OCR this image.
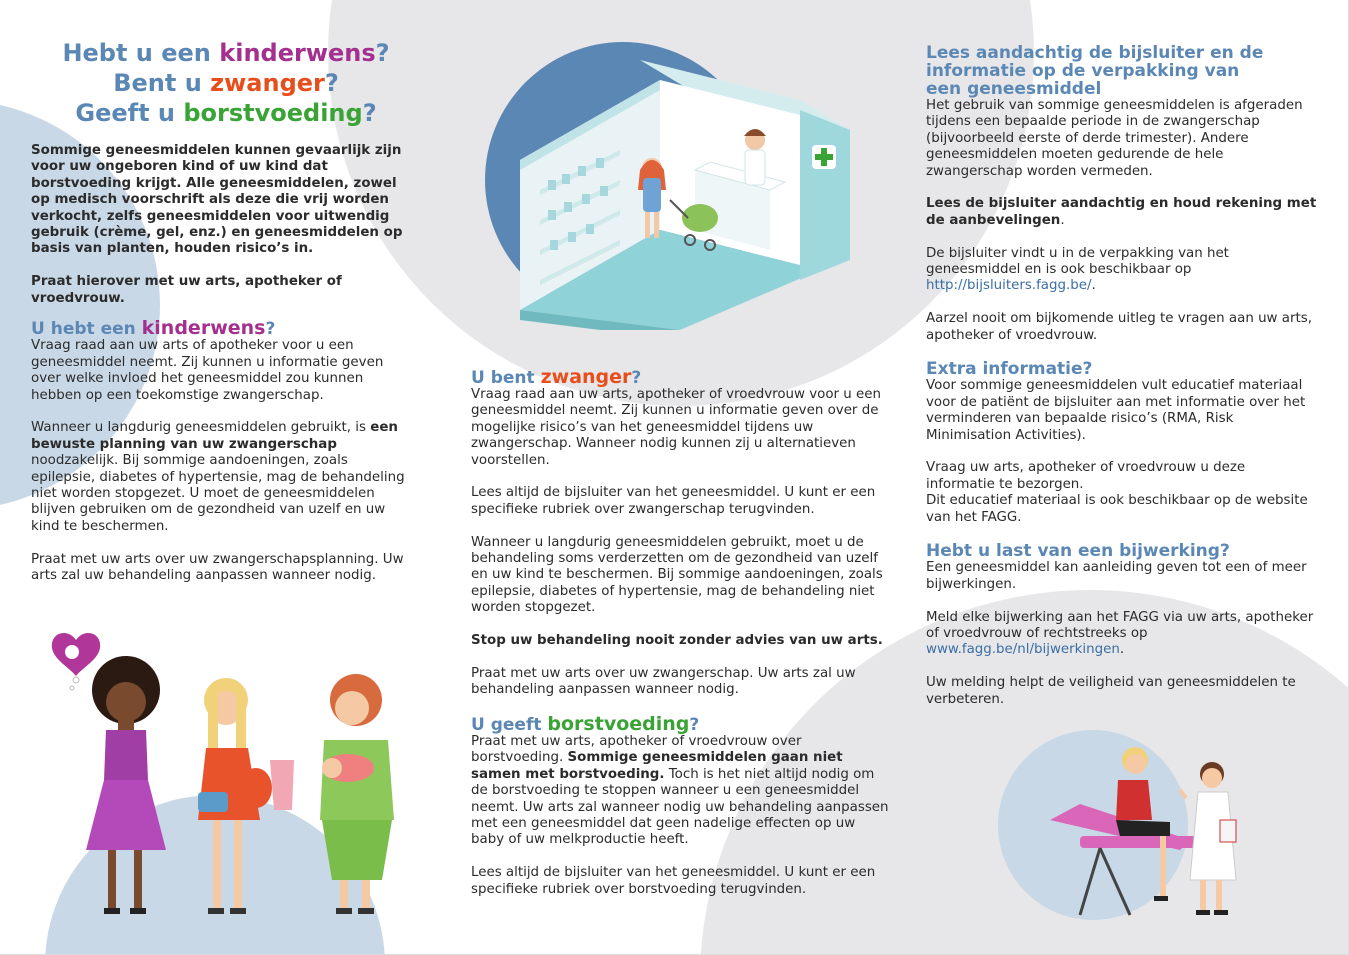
Hebt u een kinderwens?
Bent u zwanger?
Geeft u borstvoeding?

Sommige geneesmiddelen kunnen gevaarlijk zijn voor uw ongeboren kind of uw kind dat borstvoeding krijgt. Alle geneesmiddelen, zowel op medisch voorschrift als deze die vrij worden verkocht, zelfs geneesmiddelen voor uitwendig gebruik (crème, gel, enz.) en geneesmiddelen op basis van planten, houden risico’s in.

Praat hierover met uw arts, apotheker of vroedvrouw.

U hebt een kinderwens?

Vraag raad aan uw arts of apotheker voor u een geneesmiddel neemt. Zij kunnen u informatie geven over welke invloed het geneesmiddel zou kunnen hebben op een toekomstige zwangerschap.

Wanneer u langdurig geneesmiddelen gebruikt, is een bewuste planning van uw zwangerschap noodzakelijk. Bij sommige aandoeningen, zoals epilepsie, diabetes of hypertensie, mag de behandeling niet worden stopgezet. U moet de geneesmiddelen blijven gebruiken om de gezondheid van uzelf en uw kind te beschermen.

Praat met uw arts over uw zwangerschapsplanning. Uw arts zal uw behandeling aanpassen wanneer nodig.

U bent zwanger?

Vraag raad aan uw arts, apotheker of vroedvrouw voor u een geneesmiddel neemt. Zij kunnen u informatie geven over de mogelijke risico’s van het geneesmiddel tijdens uw zwangerschap. Wanneer nodig kunnen zij u alternatieven voorstellen.

Lees altijd de bijsluiter van het geneesmiddel. U kunt er een specifieke rubriek over zwangerschap terugvinden.

Wanneer u langdurig geneesmiddelen gebruikt, moet u de behandeling soms verderzetten om de gezondheid van uzelf en uw kind te beschermen. Bij sommige aandoeningen, zoals epilepsie, diabetes of hypertensie, mag de behandeling niet worden stopgezet.

Stop uw behandeling nooit zonder advies van uw arts.

Praat met uw arts over uw zwangerschap. Uw arts zal uw behandeling aanpassen wanneer nodig.

U geeft borstvoeding?

Praat met uw arts, apotheker of vroedvrouw over borstvoeding. Sommige geneesmiddelen gaan niet samen met borstvoeding. Toch is het niet altijd nodig om de borstvoeding te stoppen wanneer u een geneesmiddel neemt. Uw arts zal wanneer nodig uw behandeling aanpassen met een geneesmiddel dat geen nadelige effecten op uw baby of uw melkproductie heeft.

Lees altijd de bijsluiter van het geneesmiddel. U kunt er een specifieke rubriek over borstvoeding terugvinden.

Lees aandachtig de bijsluiter en de informatie op de verpakking van een geneesmiddel

Het gebruik van sommige geneesmiddelen is afgeraden tijdens een bepaalde periode in de zwangerschap (bijvoorbeeld eerste of derde trimester). Andere geneesmiddelen moeten gedurende de hele zwangerschap worden vermeden.

Lees de bijsluiter aandachtig en houd rekening met de aanbevelingen.

De bijsluiter vindt u in de verpakking van het geneesmiddel en is ook beschikbaar op http://bijsluiters.fagg.be/.

Aarzel nooit om bijkomende uitleg te vragen aan uw arts, apotheker of vroedvrouw.

Extra informatie?

Voor sommige geneesmiddelen vult educatief materiaal voor de patiënt de bijsluiter aan met informatie over het verminderen van bepaalde risico’s (RMA, Risk Minimisation Activities).

Vraag uw arts, apotheker of vroedvrouw u deze informatie te bezorgen.
Dit educatief materiaal is ook beschikbaar op de website van het FAGG.

Hebt u last van een bijwerking?

Een geneesmiddel kan aanleiding geven tot een of meer bijwerkingen.

Meld elke bijwerking aan het FAGG via uw arts, apotheker of vroedvrouw of rechtstreeks op www.fagg.be/nl/bijwerkingen.

Uw melding helpt de veiligheid van geneesmiddelen te verbeteren.
